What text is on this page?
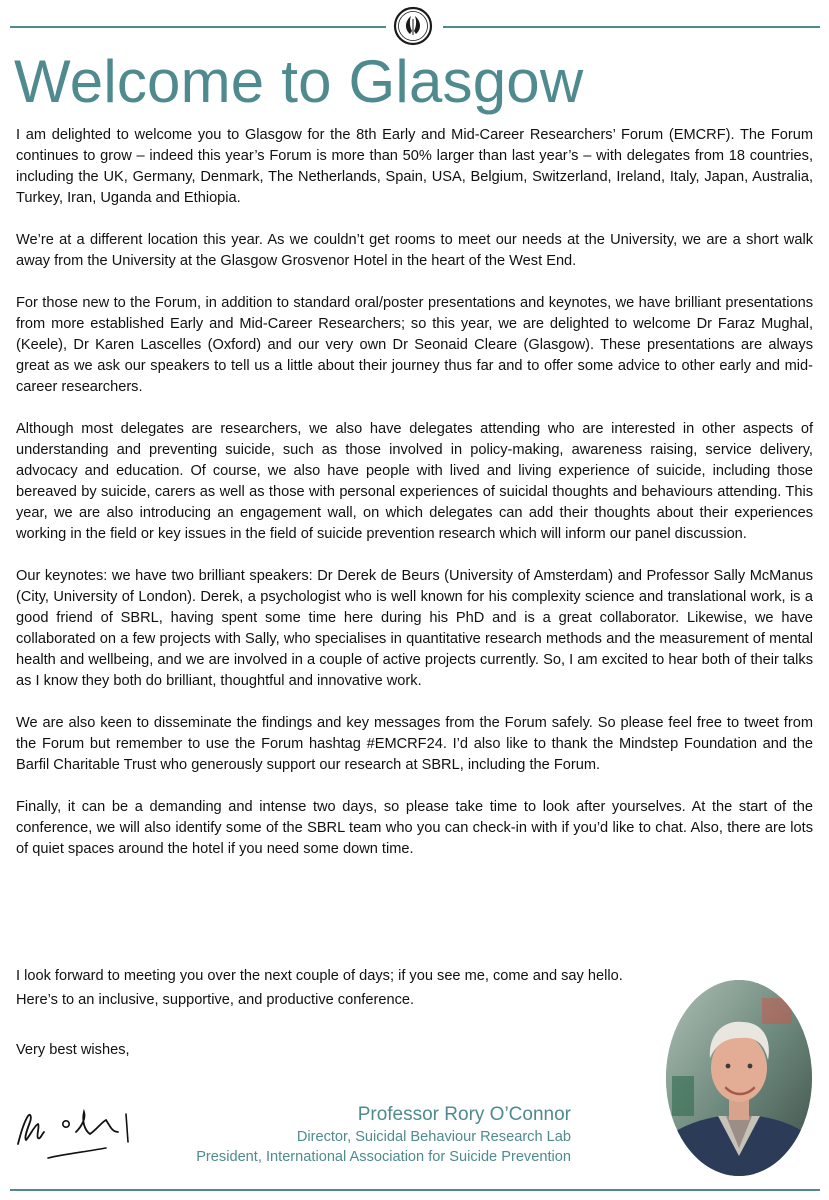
Welcome to Glasgow

I am delighted to welcome you to Glasgow for the 8th Early and Mid-Career Researchers’ Forum (EMCRF). The Forum continues to grow – indeed this year’s Forum is more than 50% larger than last year’s – with delegates from 18 countries, including the UK, Germany, Denmark, The Netherlands, Spain, USA, Belgium, Switzerland, Ireland, Italy, Japan, Australia, Turkey, Iran, Uganda and Ethiopia.

We’re at a different location this year. As we couldn’t get rooms to meet our needs at the University, we are a short walk away from the University at the Glasgow Grosvenor Hotel in the heart of the West End.

For those new to the Forum, in addition to standard oral/poster presentations and keynotes, we have brilliant presentations from more established Early and Mid-Career Researchers; so this year, we are delighted to welcome Dr Faraz Mughal, (Keele), Dr Karen Lascelles (Oxford) and our very own Dr Seonaid Cleare (Glasgow). These presentations are always great as we ask our speakers to tell us a little about their journey thus far and to offer some advice to other early and mid-career researchers.

Although most delegates are researchers, we also have delegates attending who are interested in other aspects of understanding and preventing suicide, such as those involved in policy-making, awareness raising, service delivery, advocacy and education. Of course, we also have people with lived and living experience of suicide, including those bereaved by suicide, carers as well as those with personal experiences of suicidal thoughts and behaviours attending. This year, we are also introducing an engagement wall, on which delegates can add their thoughts about their experiences working in the field or key issues in the field of suicide prevention research which will inform our panel discussion.

Our keynotes: we have two brilliant speakers: Dr Derek de Beurs (University of Amsterdam) and Professor Sally McManus (City, University of London). Derek, a psychologist who is well known for his complexity science and translational work, is a good friend of SBRL, having spent some time here during his PhD and is a great collaborator. Likewise, we have collaborated on a few projects with Sally, who specialises in quantitative research methods and the measurement of mental health and wellbeing, and we are involved in a couple of active projects currently. So, I am excited to hear both of their talks as I know they both do brilliant, thoughtful and innovative work.

We are also keen to disseminate the findings and key messages from the Forum safely. So please feel free to tweet from the Forum but remember to use the Forum hashtag #EMCRF24. I’d also like to thank the Mindstep Foundation and the Barfil Charitable Trust who generously support our research at SBRL, including the Forum.

Finally, it can be a demanding and intense two days, so please take time to look after yourselves. At the start of the conference, we will also identify some of the SBRL team who you can check-in with if you’d like to chat. Also, there are lots of quiet spaces around the hotel if you need some down time.

I look forward to meeting you over the next couple of days; if you see me, come and say hello.
Here’s to an inclusive, supportive, and productive conference.
Very best wishes,
Professor Rory O’Connor
Director, Suicidal Behaviour Research Lab
President, International Association for Suicide Prevention
